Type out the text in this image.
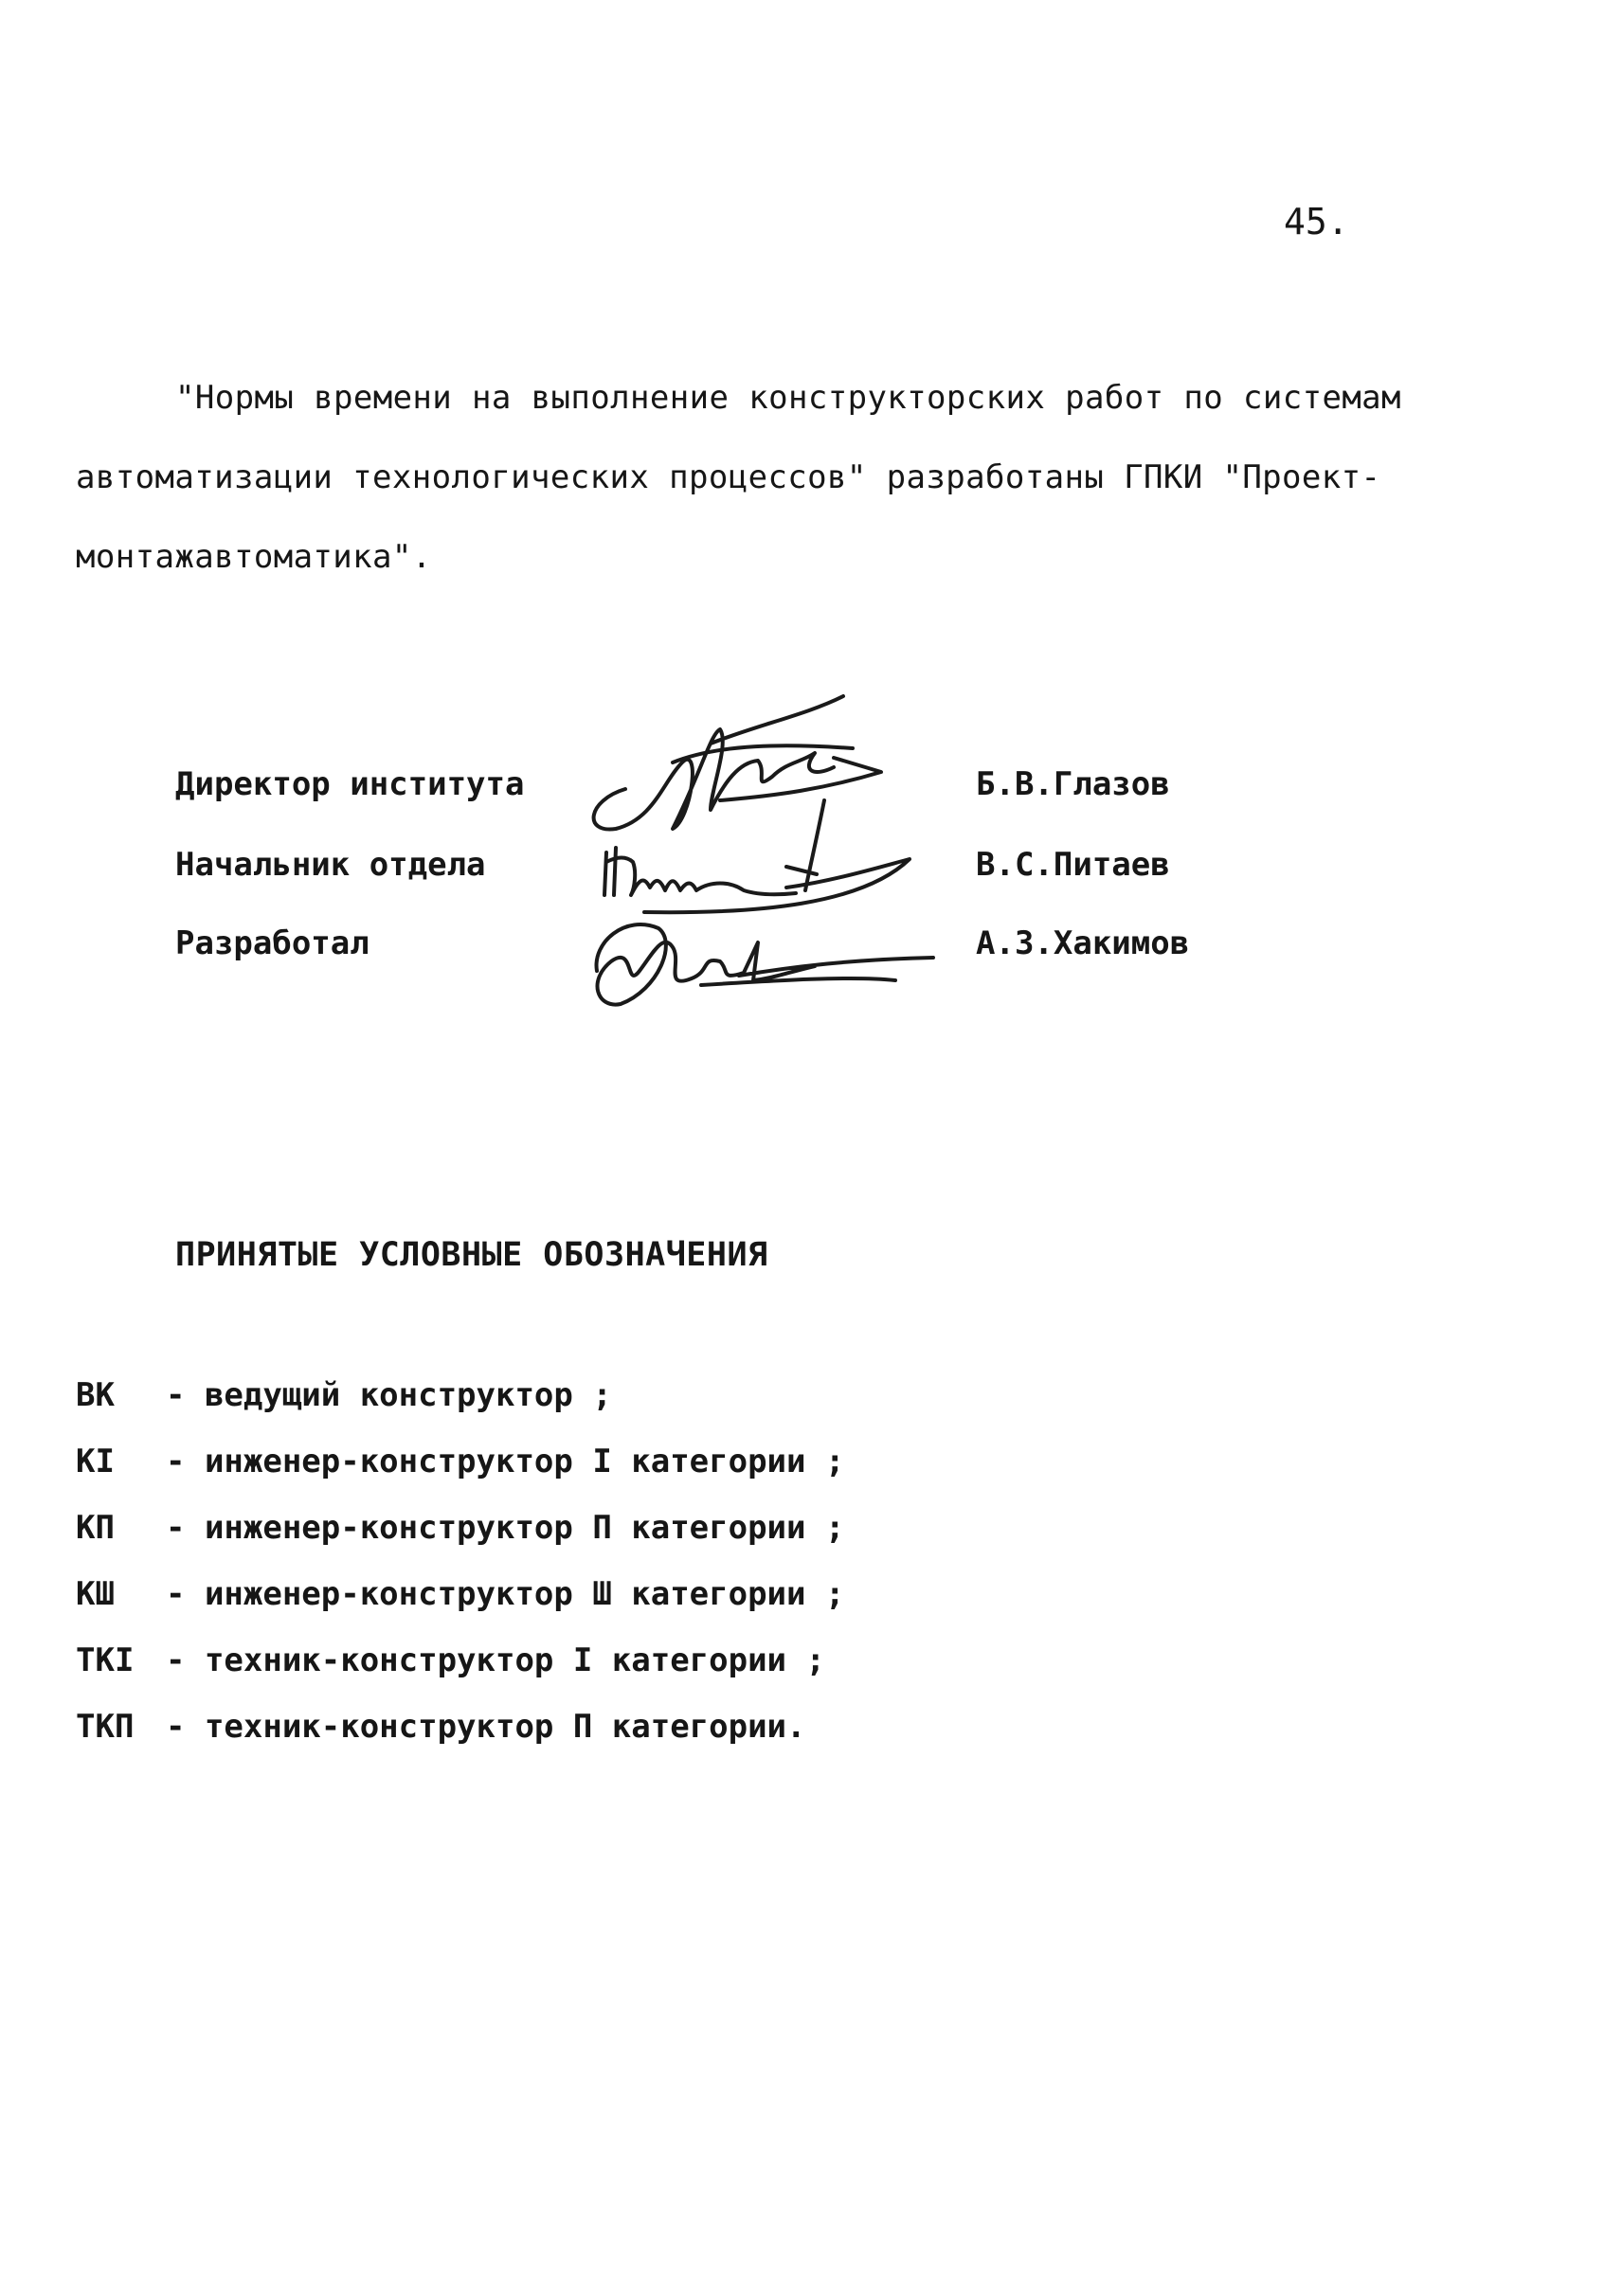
45.
"Нормы времени на выполнение конструкторских работ по системам
автоматизации технологических процессов" разработаны ГПКИ "Проект-
монтажавтоматика".
Директор института	Б.В.Глазов
Начальник отдела	В.С.Питаев
Разработал	А.З.Хакимов
ПРИНЯТЫЕ УСЛОВНЫЕ ОБОЗНАЧЕНИЯ
ВК - ведущий конструктор ;
КI - инженер-конструктор I категории ;
КП - инженер-конструктор П категории ;
КШ - инженер-конструктор Ш категории ;
ТКI - техник-конструктор I категории ;
ТКП - техник-конструктор П категории.
